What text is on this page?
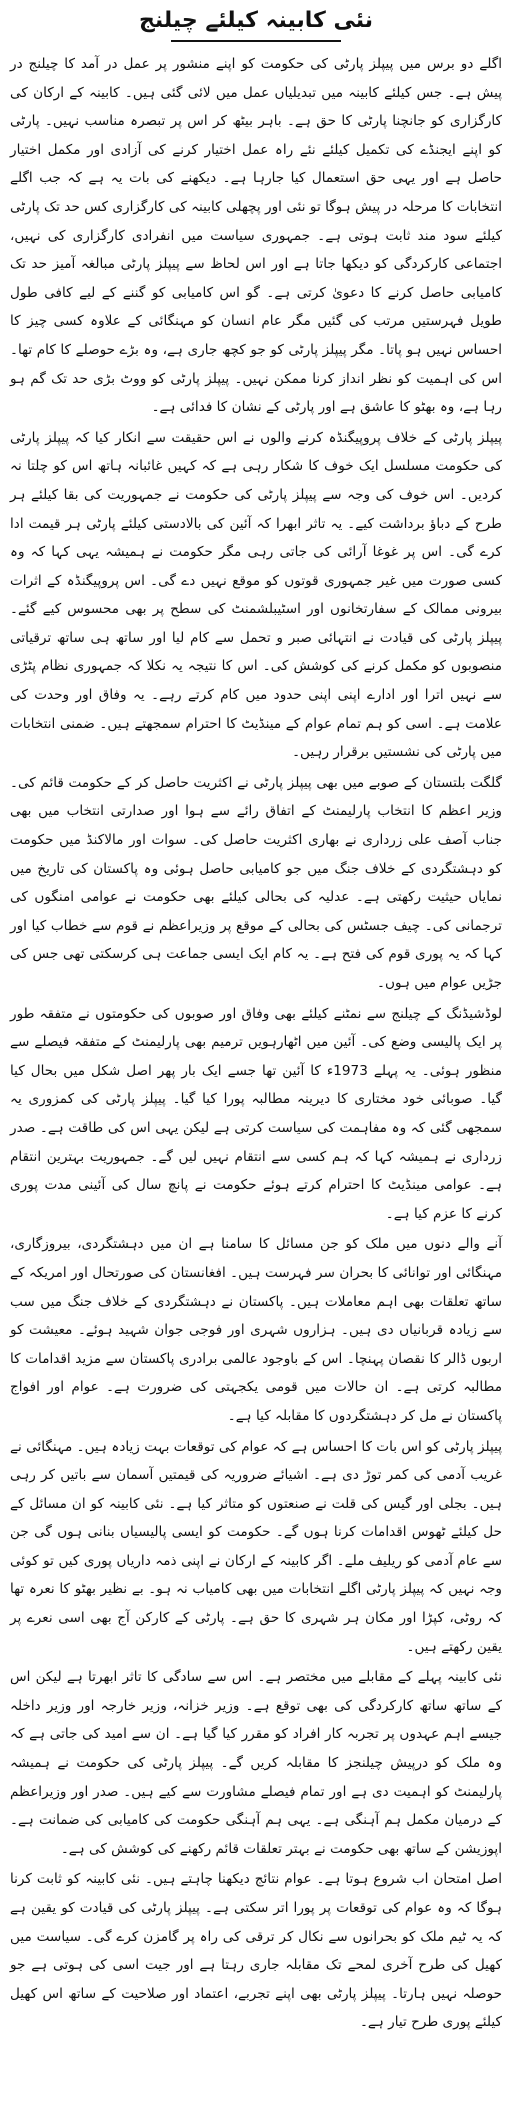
نئی کابینہ کیلئے چیلنج

اگلے دو برس میں پیپلز پارٹی کی حکومت کو اپنے منشور پر عمل در آمد کا چیلنج در پیش ہے۔ جس کیلئے کابینہ میں تبدیلیاں عمل میں لائی گئی ہیں۔ کابینہ کے ارکان کی کارگزاری کو جانچنا پارٹی کا حق ہے۔ باہر بیٹھ کر اس پر تبصرہ مناسب نہیں۔ پارٹی کو اپنے ایجنڈے کی تکمیل کیلئے نئے راہ عمل اختیار کرنے کی آزادی اور مکمل اختیار حاصل ہے اور یہی حق استعمال کیا جارہا ہے۔ دیکھنے کی بات یہ ہے کہ جب اگلے انتخابات کا مرحلہ در پیش ہوگا تو نئی اور پچھلی کابینہ کی کارگزاری کس حد تک پارٹی کیلئے سود مند ثابت ہوتی ہے۔ جمہوری سیاست میں انفرادی کارگزاری کی نہیں، اجتماعی کارکردگی کو دیکھا جاتا ہے اور اس لحاظ سے پیپلز پارٹی مبالغہ آمیز حد تک کامیابی حاصل کرنے کا دعویٰ کرتی ہے۔ گو اس کامیابی کو گننے کے لیے کافی طول طویل فہرستیں مرتب کی گئیں مگر عام انسان کو مہنگائی کے علاوہ کسی چیز کا احساس نہیں ہو پاتا۔ مگر پیپلز پارٹی کو جو کچھ جاری ہے، وہ بڑے حوصلے کا کام تھا۔ اس کی اہمیت کو نظر انداز کرنا ممکن نہیں۔ پیپلز پارٹی کو ووٹ بڑی حد تک گم ہو رہا ہے، وہ بھٹو کا عاشق ہے اور پارٹی کے نشان کا فدائی ہے۔

پیپلز پارٹی کے خلاف پروپیگنڈہ کرنے والوں نے اس حقیقت سے انکار کیا کہ پیپلز پارٹی کی حکومت مسلسل ایک خوف کا شکار رہی ہے کہ کہیں غائبانہ ہاتھ اس کو چلتا نہ کردیں۔ اس خوف کی وجہ سے پیپلز پارٹی کی حکومت نے جمہوریت کی بقا کیلئے ہر طرح کے دباؤ برداشت کیے۔ یہ تاثر ابھرا کہ آئین کی بالادستی کیلئے پارٹی ہر قیمت ادا کرے گی۔ اس پر غوغا آرائی کی جاتی رہی مگر حکومت نے ہمیشہ یہی کہا کہ وہ کسی صورت میں غیر جمہوری قوتوں کو موقع نہیں دے گی۔ اس پروپیگنڈہ کے اثرات بیرونی ممالک کے سفارتخانوں اور اسٹیبلشمنٹ کی سطح پر بھی محسوس کیے گئے۔ پیپلز پارٹی کی قیادت نے انتہائی صبر و تحمل سے کام لیا اور ساتھ ہی ساتھ ترقیاتی منصوبوں کو مکمل کرنے کی کوشش کی۔ اس کا نتیجہ یہ نکلا کہ جمہوری نظام پٹڑی سے نہیں اترا اور ادارے اپنی اپنی حدود میں کام کرتے رہے۔ یہ وفاق اور وحدت کی علامت ہے۔ اسی کو ہم تمام عوام کے مینڈیٹ کا احترام سمجھتے ہیں۔ ضمنی انتخابات میں پارٹی کی نشستیں برقرار رہیں۔

گلگت بلتستان کے صوبے میں بھی پیپلز پارٹی نے اکثریت حاصل کر کے حکومت قائم کی۔ وزیر اعظم کا انتخاب پارلیمنٹ کے اتفاق رائے سے ہوا اور صدارتی انتخاب میں بھی جناب آصف علی زرداری نے بھاری اکثریت حاصل کی۔ سوات اور مالاکنڈ میں حکومت کو دہشتگردی کے خلاف جنگ میں جو کامیابی حاصل ہوئی وہ پاکستان کی تاریخ میں نمایاں حیثیت رکھتی ہے۔ عدلیہ کی بحالی کیلئے بھی حکومت نے عوامی امنگوں کی ترجمانی کی۔ چیف جسٹس کی بحالی کے موقع پر وزیراعظم نے قوم سے خطاب کیا اور کہا کہ یہ پوری قوم کی فتح ہے۔ یہ کام ایک ایسی جماعت ہی کرسکتی تھی جس کی جڑیں عوام میں ہوں۔

لوڈشیڈنگ کے چیلنج سے نمٹنے کیلئے بھی وفاق اور صوبوں کی حکومتوں نے متفقہ طور پر ایک پالیسی وضع کی۔ آئین میں اٹھارہویں ترمیم بھی پارلیمنٹ کے متفقہ فیصلے سے منظور ہوئی۔ یہ پہلے 1973ء کا آئین تھا جسے ایک بار پھر اصل شکل میں بحال کیا گیا۔ صوبائی خود مختاری کا دیرینہ مطالبہ پورا کیا گیا۔ پیپلز پارٹی کی کمزوری یہ سمجھی گئی کہ وہ مفاہمت کی سیاست کرتی ہے لیکن یہی اس کی طاقت ہے۔ صدر زرداری نے ہمیشہ کہا کہ ہم کسی سے انتقام نہیں لیں گے۔ جمہوریت بہترین انتقام ہے۔ عوامی مینڈیٹ کا احترام کرتے ہوئے حکومت نے پانچ سال کی آئینی مدت پوری کرنے کا عزم کیا ہے۔

آنے والے دنوں میں ملک کو جن مسائل کا سامنا ہے ان میں دہشتگردی، بیروزگاری، مہنگائی اور توانائی کا بحران سر فہرست ہیں۔ افغانستان کی صورتحال اور امریکہ کے ساتھ تعلقات بھی اہم معاملات ہیں۔ پاکستان نے دہشتگردی کے خلاف جنگ میں سب سے زیادہ قربانیاں دی ہیں۔ ہزاروں شہری اور فوجی جوان شہید ہوئے۔ معیشت کو اربوں ڈالر کا نقصان پہنچا۔ اس کے باوجود عالمی برادری پاکستان سے مزید اقدامات کا مطالبہ کرتی ہے۔ ان حالات میں قومی یکجہتی کی ضرورت ہے۔ عوام اور افواج پاکستان نے مل کر دہشتگردوں کا مقابلہ کیا ہے۔

پیپلز پارٹی کو اس بات کا احساس ہے کہ عوام کی توقعات بہت زیادہ ہیں۔ مہنگائی نے غریب آدمی کی کمر توڑ دی ہے۔ اشیائے ضروریہ کی قیمتیں آسمان سے باتیں کر رہی ہیں۔ بجلی اور گیس کی قلت نے صنعتوں کو متاثر کیا ہے۔ نئی کابینہ کو ان مسائل کے حل کیلئے ٹھوس اقدامات کرنا ہوں گے۔ حکومت کو ایسی پالیسیاں بنانی ہوں گی جن سے عام آدمی کو ریلیف ملے۔ اگر کابینہ کے ارکان نے اپنی ذمہ داریاں پوری کیں تو کوئی وجہ نہیں کہ پیپلز پارٹی اگلے انتخابات میں بھی کامیاب نہ ہو۔ بے نظیر بھٹو کا نعرہ تھا کہ روٹی، کپڑا اور مکان ہر شہری کا حق ہے۔ پارٹی کے کارکن آج بھی اسی نعرے پر یقین رکھتے ہیں۔

نئی کابینہ پہلے کے مقابلے میں مختصر ہے۔ اس سے سادگی کا تاثر ابھرتا ہے لیکن اس کے ساتھ ساتھ کارکردگی کی بھی توقع ہے۔ وزیر خزانہ، وزیر خارجہ اور وزیر داخلہ جیسے اہم عہدوں پر تجربہ کار افراد کو مقرر کیا گیا ہے۔ ان سے امید کی جاتی ہے کہ وہ ملک کو درپیش چیلنجز کا مقابلہ کریں گے۔ پیپلز پارٹی کی حکومت نے ہمیشہ پارلیمنٹ کو اہمیت دی ہے اور تمام فیصلے مشاورت سے کیے ہیں۔ صدر اور وزیراعظم کے درمیان مکمل ہم آہنگی ہے۔ یہی ہم آہنگی حکومت کی کامیابی کی ضمانت ہے۔ اپوزیشن کے ساتھ بھی حکومت نے بہتر تعلقات قائم رکھنے کی کوشش کی ہے۔

اصل امتحان اب شروع ہوتا ہے۔ عوام نتائج دیکھنا چاہتے ہیں۔ نئی کابینہ کو ثابت کرنا ہوگا کہ وہ عوام کی توقعات پر پورا اتر سکتی ہے۔ پیپلز پارٹی کی قیادت کو یقین ہے کہ یہ ٹیم ملک کو بحرانوں سے نکال کر ترقی کی راہ پر گامزن کرے گی۔ سیاست میں کھیل کی طرح آخری لمحے تک مقابلہ جاری رہتا ہے اور جیت اسی کی ہوتی ہے جو حوصلہ نہیں ہارتا۔ پیپلز پارٹی بھی اپنے تجربے، اعتماد اور صلاحیت کے ساتھ اس کھیل کیلئے پوری طرح تیار ہے۔
